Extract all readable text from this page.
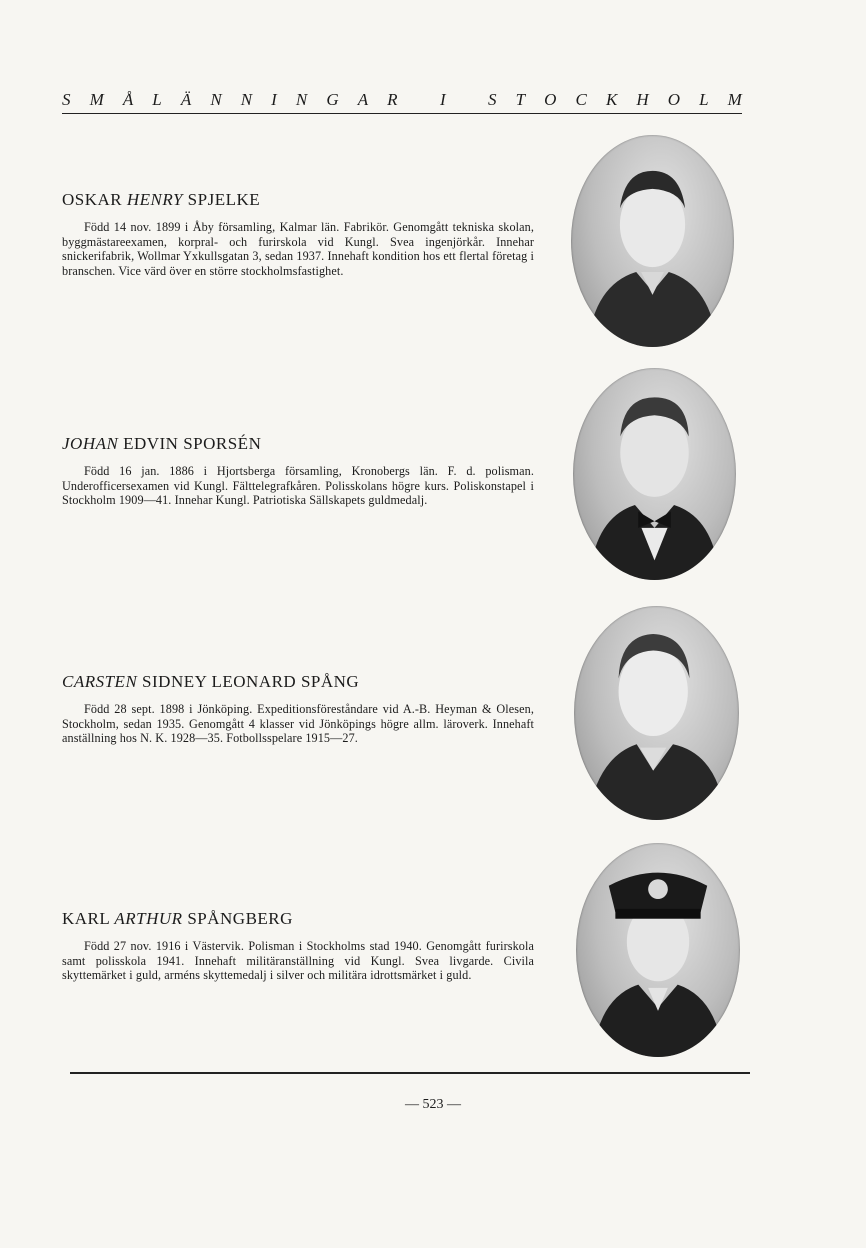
S M Å L Ä N N I N G A R
I
S T O C K H O L M
OSKAR HENRY SPJELKE

Född 14 nov. 1899 i Åby församling, Kalmar län. Fabrikör. Genomgått tekniska skolan, byggmästareexamen, korpral- och furirskola vid Kungl. Svea ingenjörkår. Innehar snickerifabrik, Wollmar Yxkullsgatan 3, sedan 1937. Innehaft kondition hos ett flertal företag i branschen. Vice värd över en större stockholmsfastighet.

JOHAN EDVIN SPORSÉN

Född 16 jan. 1886 i Hjortsberga församling, Kronobergs län. F. d. polisman. Underofficersexamen vid Kungl. Fälttelegrafkåren. Polisskolans högre kurs. Poliskonstapel i Stockholm 1909—41. Innehar Kungl. Patriotiska Sällskapets guldmedalj.

CARSTEN SIDNEY LEONARD SPÅNG

Född 28 sept. 1898 i Jönköping. Expeditionsföreståndare vid A.-B. Heyman & Olesen, Stockholm, sedan 1935. Genomgått 4 klasser vid Jönköpings högre allm. läroverk. Innehaft anställning hos N. K. 1928—35. Fotbollsspelare 1915—27.

KARL ARTHUR SPÅNGBERG

Född 27 nov. 1916 i Västervik. Polisman i Stockholms stad 1940. Genomgått furirskola samt polisskola 1941. Innehaft militäranställning vid Kungl. Svea livgarde. Civila skyttemärket i guld, arméns skyttemedalj i silver och militära idrottsmärket i guld.

— 523 —
